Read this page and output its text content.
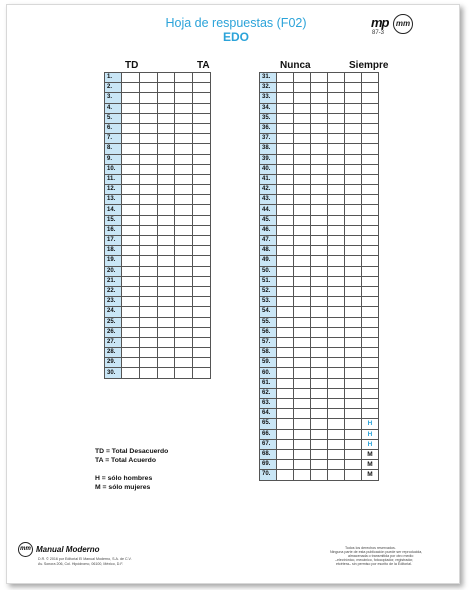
Hoja de respuestas (F02)
EDO
mp
87-3
mm
TD	TA	Nunca	Siempre
1.					
2.					
3.					
4.					
5.					
6.					
7.					
8.					
9.					
10.					
11.					
12.					
13.					
14.					
15.					
16.					
17.					
18.					
19.					
20.					
21.					
22.					
23.					
24.					
25.					
26.					
27.					
28.					
29.					
30.					
31.						
32.						
33.						
34.						
35.						
36.						
37.						
38.						
39.						
40.						
41.						
42.						
43.						
44.						
45.						
46.						
47.						
48.						
49.						
50.						
51.						
52.						
53.						
54.						
55.						
56.						
57.						
58.						
59.						
60.						
61.						
62.						
63.						
64.						
65.						H
66.						H
67.						H
68.						M
69.						M
70.						M
TD = Total Desacuerdo
TA = Total Acuerdo
H = sólo hombres
M = sólo mujeres
mm Manual Moderno
D.R. © 2016 por Editorial El Manual Moderno, S.A. de C.V.
Av. Sonora 206, Col. Hipódromo, 06100, México, D.F.
Todos los derechos reservados.
Ninguna parte de esta publicación puede ser reproducida,
almacenada o transmitida por otro medio
–electrónico, mecánico, fotocopiador, registrador,
etcétera– sin permiso por escrito de la Editorial.
